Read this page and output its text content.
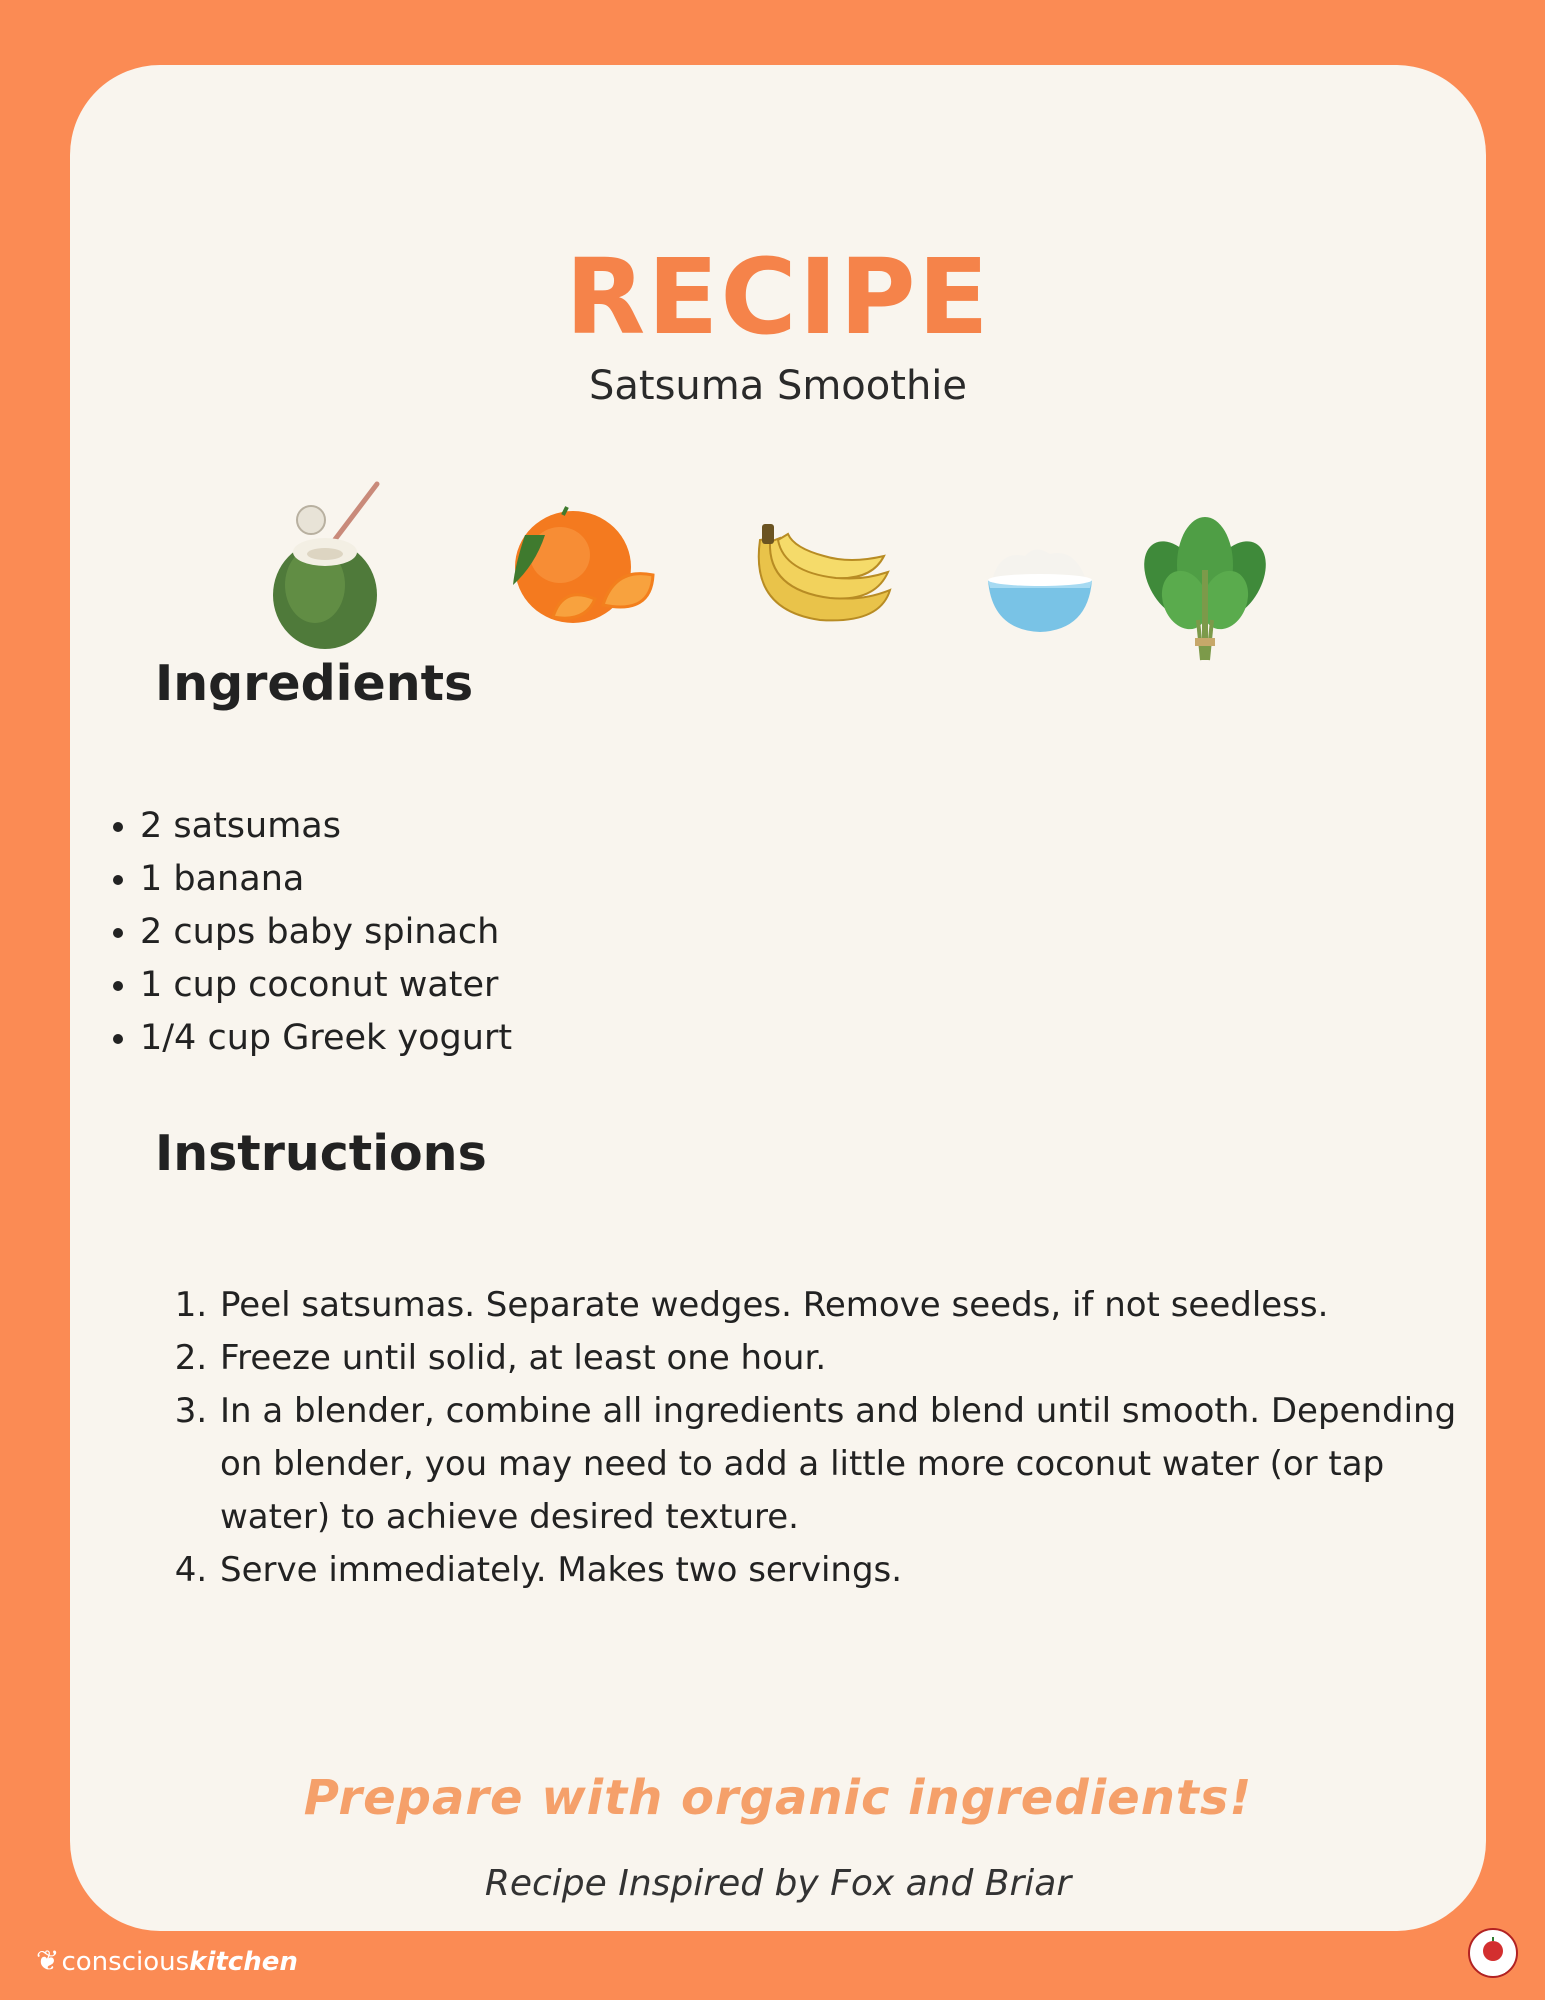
RECIPE
Satsuma Smoothie
Ingredients
• 2 satsumas
• 1 banana
• 2 cups baby spinach
• 1 cup coconut water
• 1/4 cup Greek yogurt
Instructions
1. Peel satsumas. Separate wedges. Remove seeds, if not seedless.
2. Freeze until solid, at least one hour.
3. In a blender, combine all ingredients and blend until smooth. Depending on blender, you may need to add a little more coconut water (or tap water) to achieve desired texture.
4. Serve immediately. Makes two servings.
Prepare with organic ingredients!
Recipe Inspired by Fox and Briar
❦consciouskitchen
